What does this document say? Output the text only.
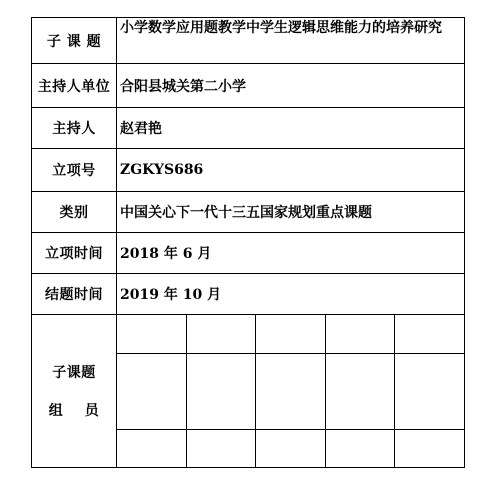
子 课 题	小学数学应用题教学中学生逻辑思维能力的培养研究
主持人单位	合阳县城关第二小学
主持人	赵君艳
立项号	ZGKYS686
类别	中国关心下一代十三五国家规划重点课题
立项时间	2018 年 6 月
结题时间	2019 年 10 月

子课题
组    员
